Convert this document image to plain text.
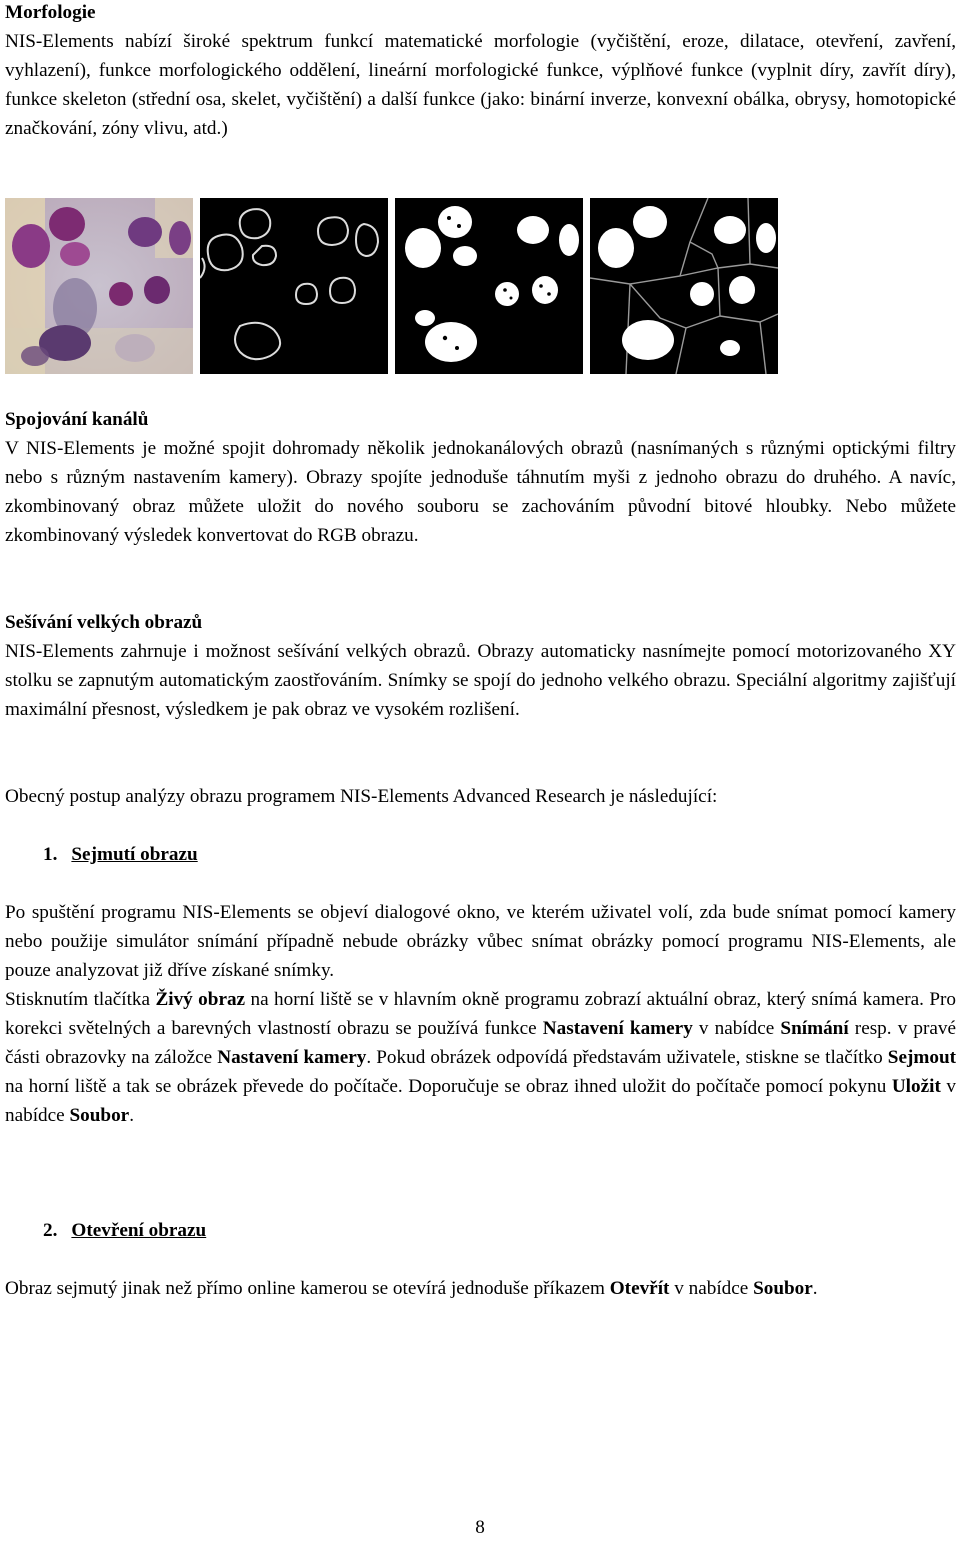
Morfologie

NIS-Elements nabízí široké spektrum funkcí matematické morfologie (vyčištění, eroze, dilatace, otevření, zavření, vyhlazení), funkce morfologického oddělení, lineární morfologické funkce, výplňové funkce (vyplnit díry, zavřít díry), funkce skeleton (střední osa, skelet, vyčištění) a další funkce (jako: binární inverze, konvexní obálka, obrysy, homotopické značkování, zóny vlivu, atd.)

Spojování kanálů

V NIS-Elements je možné spojit dohromady několik jednokanálových obrazů (nasnímaných s různými optickými filtry nebo s různým nastavením kamery). Obrazy spojíte jednoduše táhnutím myši z jednoho obrazu do druhého. A navíc, zkombinovaný obraz můžete uložit do nového souboru se zachováním původní bitové hloubky. Nebo můžete zkombinovaný výsledek konvertovat do RGB obrazu.

Sešívání velkých obrazů

NIS-Elements zahrnuje i možnost sešívání velkých obrazů. Obrazy automaticky nasnímejte pomocí motorizovaného XY stolku se zapnutým automatickým zaostřováním. Snímky se spojí do jednoho velkého obrazu. Speciální algoritmy zajišťují maximální přesnost, výsledkem je pak obraz ve vysokém rozlišení.

Obecný postup analýzy obrazu programem NIS-Elements Advanced Research je následující:

1. Sejmutí obrazu

Po spuštění programu NIS-Elements se objeví dialogové okno, ve kterém uživatel volí, zda bude snímat pomocí kamery nebo použije simulátor snímání případně nebude obrázky vůbec snímat obrázky pomocí programu NIS-Elements, ale pouze analyzovat již dříve získané snímky.

Stisknutím tlačítka Živý obraz na horní liště se v hlavním okně programu zobrazí aktuální obraz, který snímá kamera. Pro korekci světelných a barevných vlastností obrazu se používá funkce Nastavení kamery v nabídce Snímání resp. v pravé části obrazovky na záložce Nastavení kamery. Pokud obrázek odpovídá představám uživatele, stiskne se tlačítko Sejmout na horní liště a tak se obrázek převede do počítače. Doporučuje se obraz ihned uložit do počítače pomocí pokynu Uložit v nabídce Soubor.

2. Otevření obrazu

Obraz sejmutý jinak než přímo online kamerou se otevírá jednoduše příkazem Otevřít v nabídce Soubor.

8
